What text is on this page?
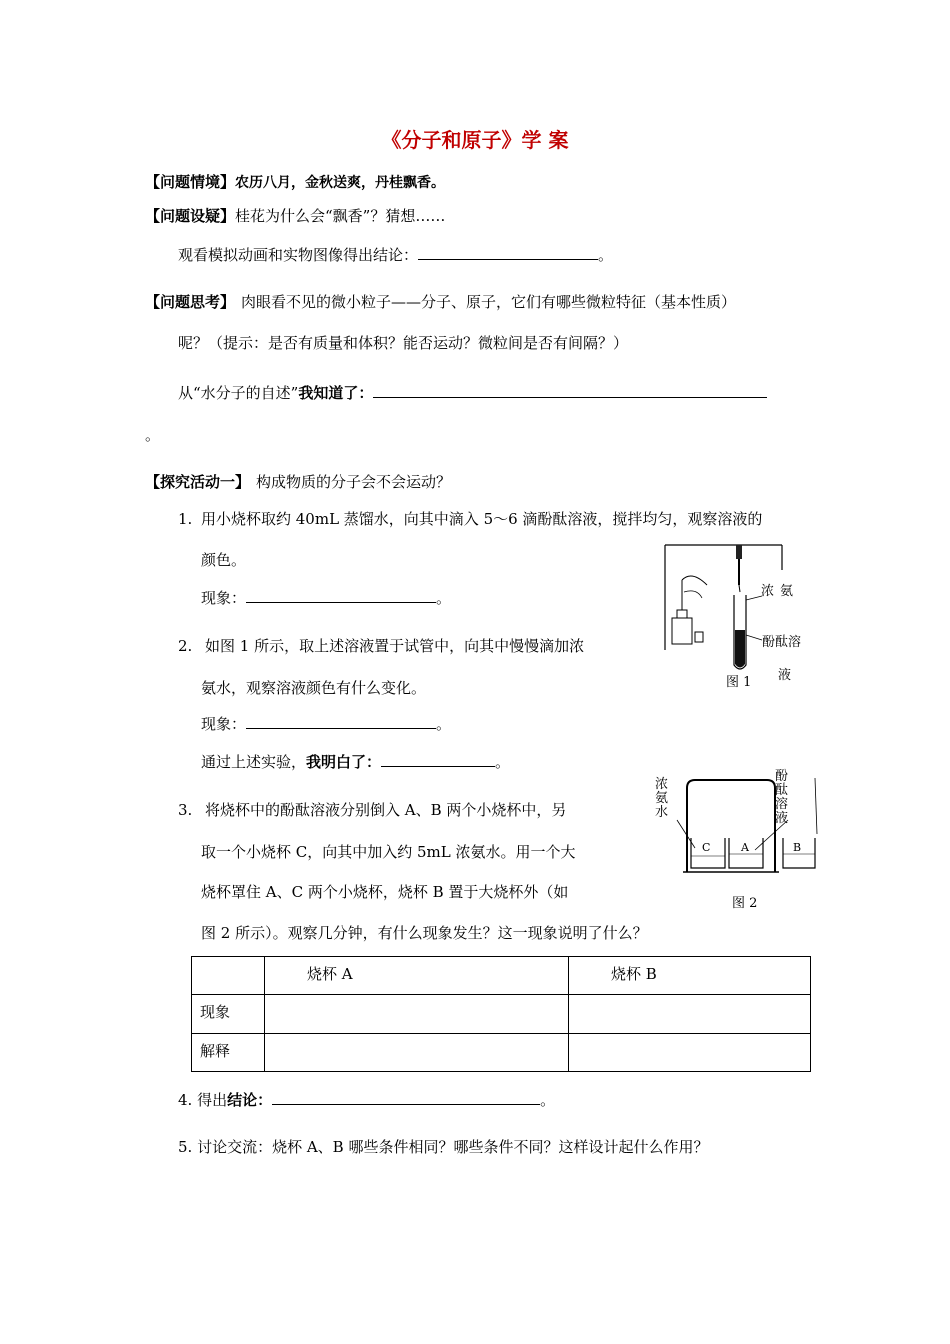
《分子和原子》学 案
【问题情境】农历八月，金秋送爽，丹桂飘香。
【问题设疑】桂花为什么会“飘香”？猜想……
观看模拟动画和实物图像得出结论：	。
【问题思考】 肉眼看不见的微小粒子——分子、原子，它们有哪些微粒特征（基本性质）
呢？（提示：是否有质量和体积？能否运动？微粒间是否有间隔？）
从“水分子的自述”我知道了：
。
【探究活动一】 构成物质的分子会不会运动？
1. 用小烧杯取约 40mL 蒸馏水，向其中滴入 5～6 滴酚酞溶液，搅拌均匀，观察溶液的
颜色。
现象：	。
2. 如图 1 所示，取上述溶液置于试管中，向其中慢慢滴加浓
氨水，观察溶液颜色有什么变化。
现象：	。
通过上述实验，我明白了：	。
浓 氨
酚酞溶
液
图 1
3. 将烧杯中的酚酞溶液分别倒入 A、B 两个小烧杯中，另
取一个小烧杯 C，向其中加入约 5mL 浓氨水。用一个大
烧杯罩住 A、C 两个小烧杯，烧杯 B 置于大烧杯外（如
图 2 所示）。观察几分钟，有什么现象发生？这一现象说明了什么？
浓
氨
水
酚
酞
溶
液
C	A	B
图 2
	烧杯 A	烧杯 B
现象		
解释		
4. 得出结论：	。
5. 讨论交流：烧杯 A、B 哪些条件相同？哪些条件不同？这样设计起什么作用？
